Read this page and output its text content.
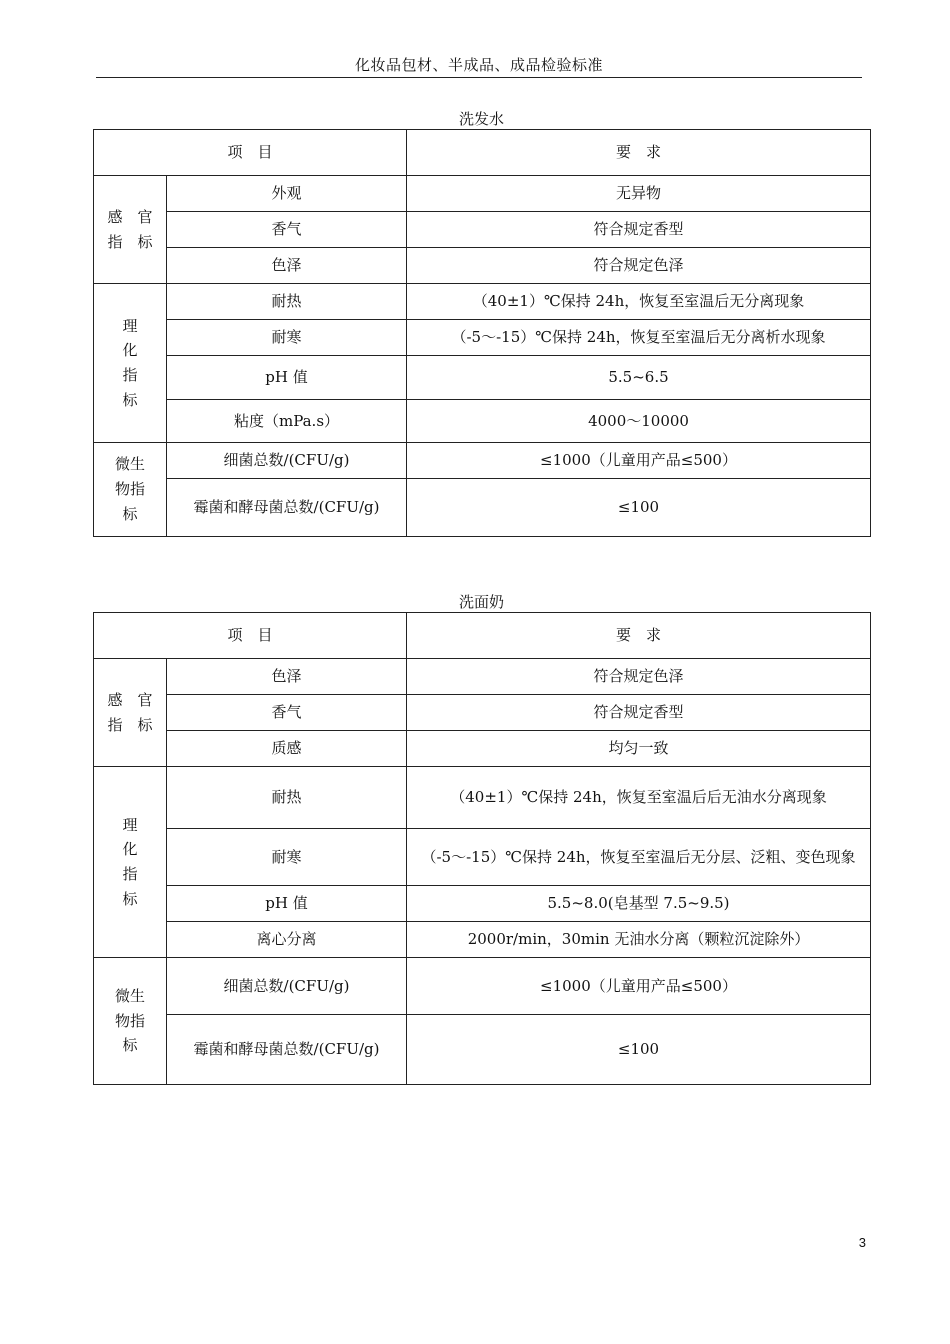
化妆品包材、半成品、成品检验标准
洗发水
项　目		要　求
感　官
指　标	外观	无异物
	香气	符合规定香型
	色泽	符合规定色泽
理
化
指
标	耐热	（40±1）℃保持 24h，恢复至室温后无分离现象
	耐寒	（-5～-15）℃保持 24h，恢复至室温后无分离析水现象
	pH 值	5.5~6.5
	粘度（mPa.s）	4000～10000
微生
物指
标	细菌总数/(CFU/g)	≤1000（儿童用产品≤500）
	霉菌和酵母菌总数/(CFU/g)	≤100
洗面奶
项　目		要　求
感　官
指　标	色泽	符合规定色泽
	香气	符合规定香型
	质感	均匀一致
理
化
指
标	耐热	（40±1）℃保持 24h，恢复至室温后后无油水分离现象
	耐寒	（-5～-15）℃保持 24h，恢复至室温后无分层、泛粗、变色现象
	pH 值	5.5~8.0(皂基型 7.5~9.5)
	离心分离	2000r/min，30min 无油水分离（颗粒沉淀除外）
微生
物指
标	细菌总数/(CFU/g)	≤1000（儿童用产品≤500）
	霉菌和酵母菌总数/(CFU/g)	≤100
3
